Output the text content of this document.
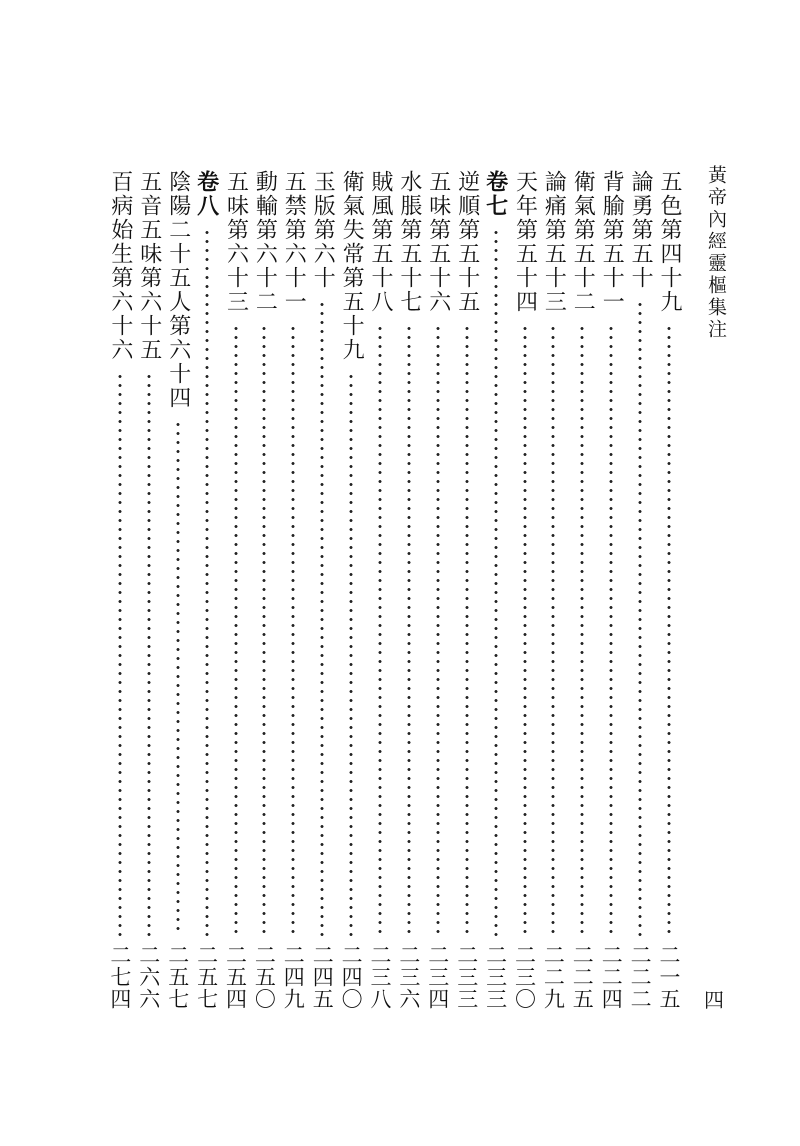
黃帝內經靈樞集注
五色第四十九
二一五
論勇第五十
二二二
背腧第五十一
二二四
衛氣第五十二
二二五
論痛第五十三
二二九
天年第五十四
二三〇
卷七
二三三
逆順第五十五
二三三
五味第五十六
二三四
水脹第五十七
二三六
賊風第五十八
二三八
衛氣失常第五十九
二四〇
玉版第六十
二四五
五禁第六十一
二四九
動輸第六十二
二五〇
五味第六十三
二五四
卷八
二五七
陰陽二十五人第六十四
二五七
五音五味第六十五
二六六
百病始生第六十六
二七四	四
